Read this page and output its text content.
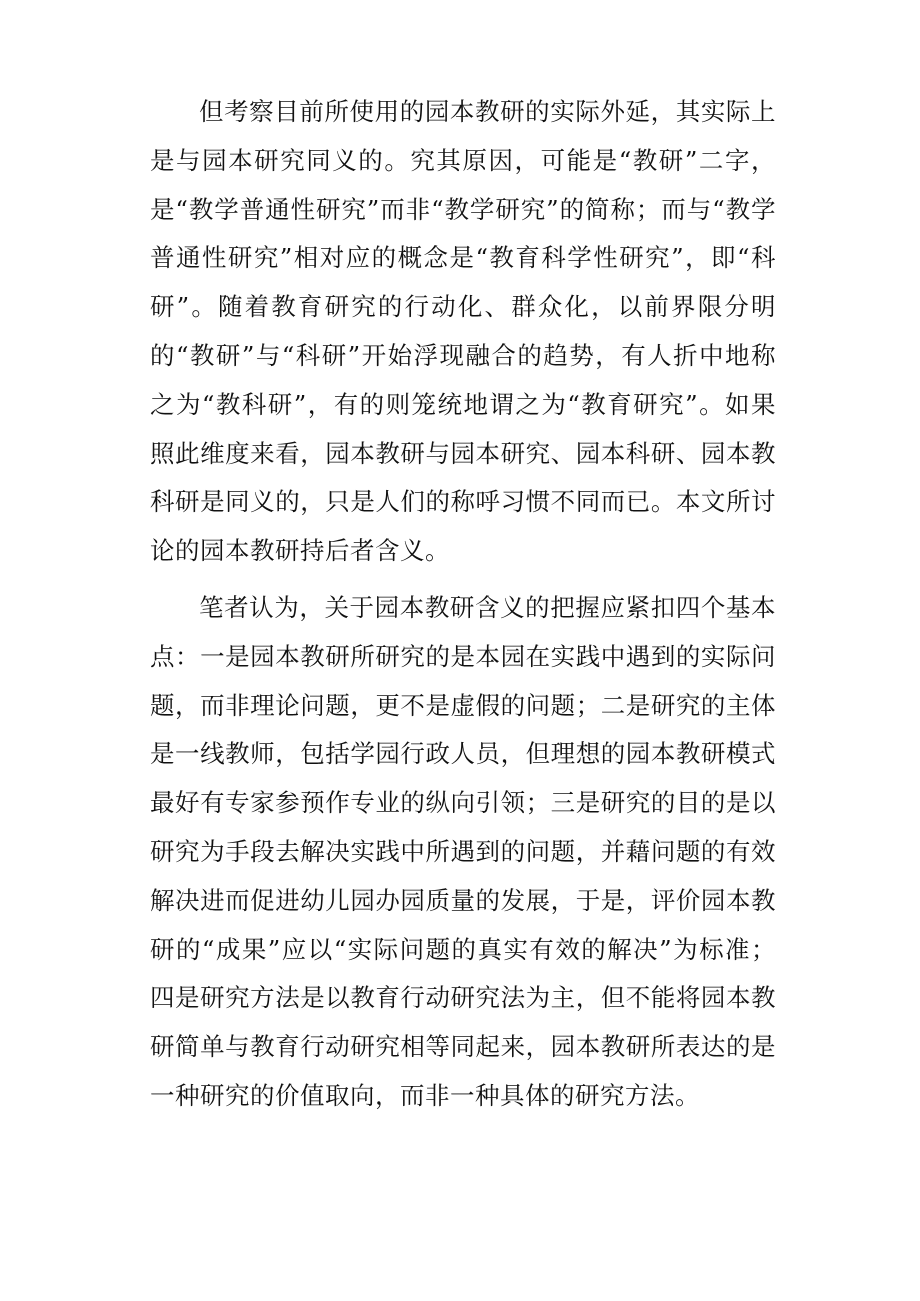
但考察目前所使用的园本教研的实际外延，其实际上是与园本研究同义的。究其原因，可能是“教研”二字，是“教学普通性研究”而非“教学研究”的简称；而与“教学普通性研究”相对应的概念是“教育科学性研究”，即“科研”。随着教育研究的行动化、群众化，以前界限分明的“教研”与“科研”开始浮现融合的趋势，有人折中地称之为“教科研”，有的则笼统地谓之为“教育研究”。如果照此维度来看，园本教研与园本研究、园本科研、园本教科研是同义的，只是人们的称呼习惯不同而已。本文所讨论的园本教研持后者含义。

笔者认为，关于园本教研含义的把握应紧扣四个基本点：一是园本教研所研究的是本园在实践中遇到的实际问题，而非理论问题，更不是虚假的问题；二是研究的主体是一线教师，包括学园行政人员，但理想的园本教研模式最好有专家参预作专业的纵向引领；三是研究的目的是以研究为手段去解决实践中所遇到的问题，并藉问题的有效解决进而促进幼儿园办园质量的发展，于是，评价园本教研的“成果”应以“实际问题的真实有效的解决”为标准；四是研究方法是以教育行动研究法为主，但不能将园本教研简单与教育行动研究相等同起来，园本教研所表达的是一种研究的价值取向，而非一种具体的研究方法。
